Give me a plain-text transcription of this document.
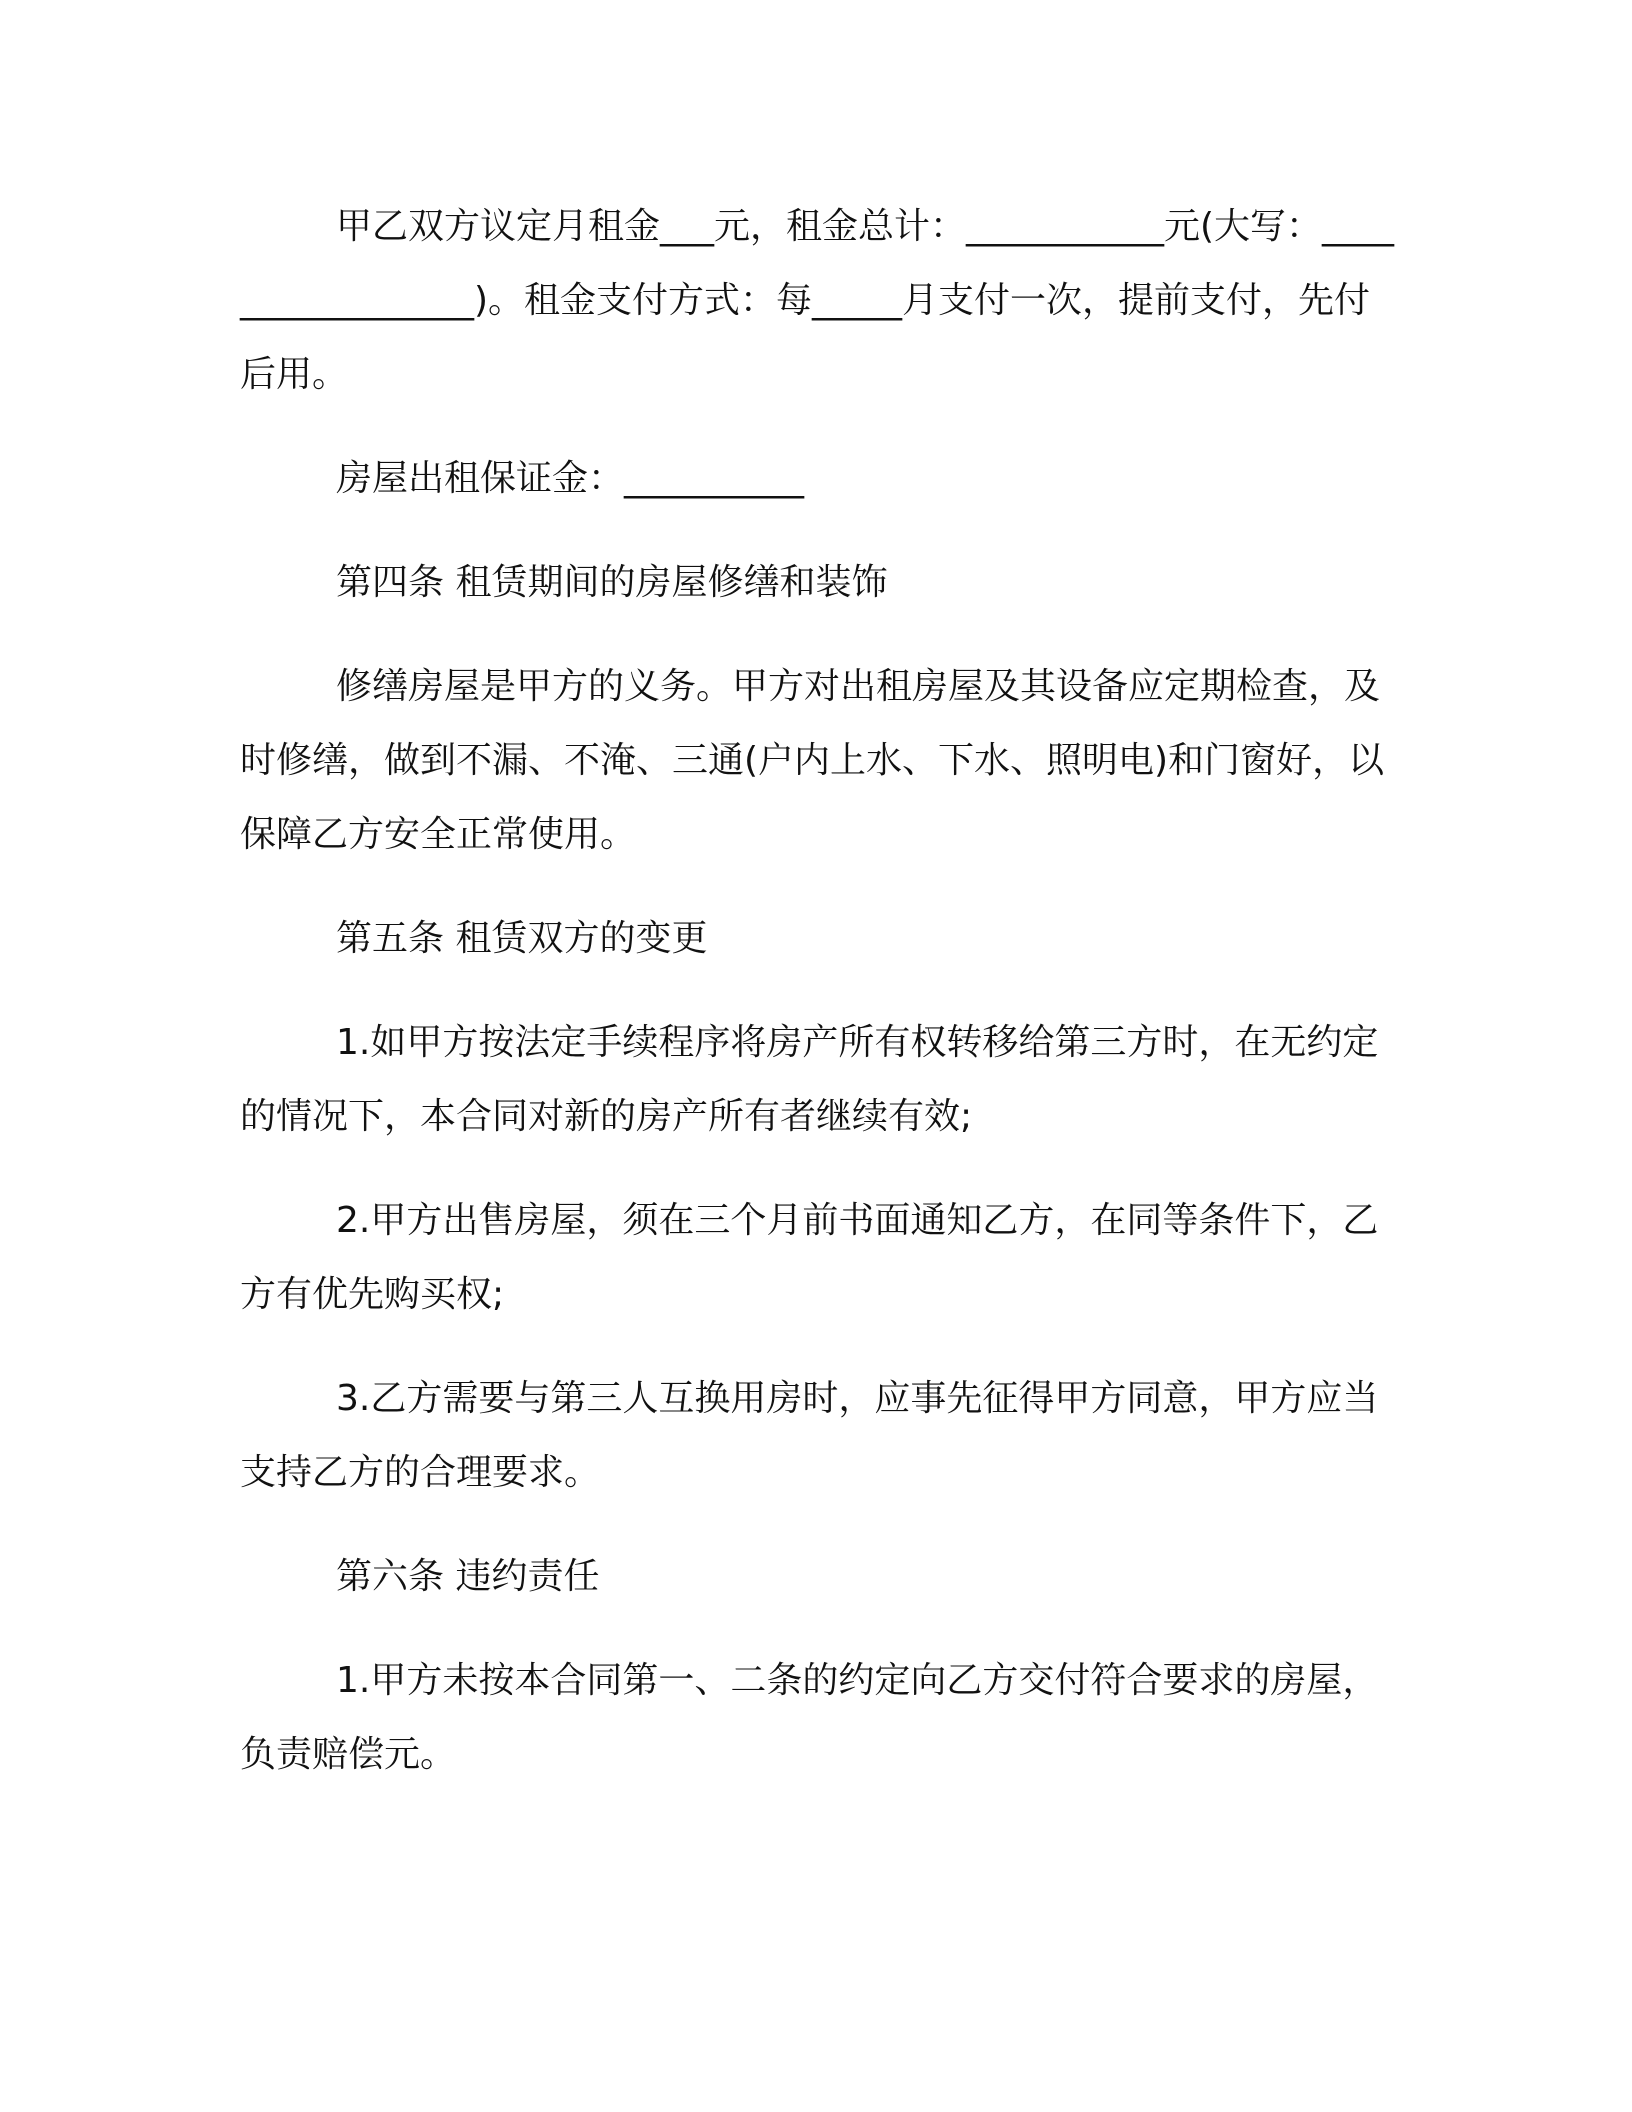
甲乙双方议定月租金___元，租金总计：___________元(大写：_________________)。租金支付方式：每_____月支付一次，提前支付，先付后用。

房屋出租保证金：__________

第四条 租赁期间的房屋修缮和装饰

修缮房屋是甲方的义务。甲方对出租房屋及其设备应定期检查，及时修缮，做到不漏、不淹、三通(户内上水、下水、照明电)和门窗好，以保障乙方安全正常使用。

第五条 租赁双方的变更

1.如甲方按法定手续程序将房产所有权转移给第三方时，在无约定的情况下，本合同对新的房产所有者继续有效;

2.甲方出售房屋，须在三个月前书面通知乙方，在同等条件下，乙方有优先购买权;

3.乙方需要与第三人互换用房时，应事先征得甲方同意，甲方应当支持乙方的合理要求。

第六条 违约责任

1.甲方未按本合同第一、二条的约定向乙方交付符合要求的房屋，负责赔偿元。
